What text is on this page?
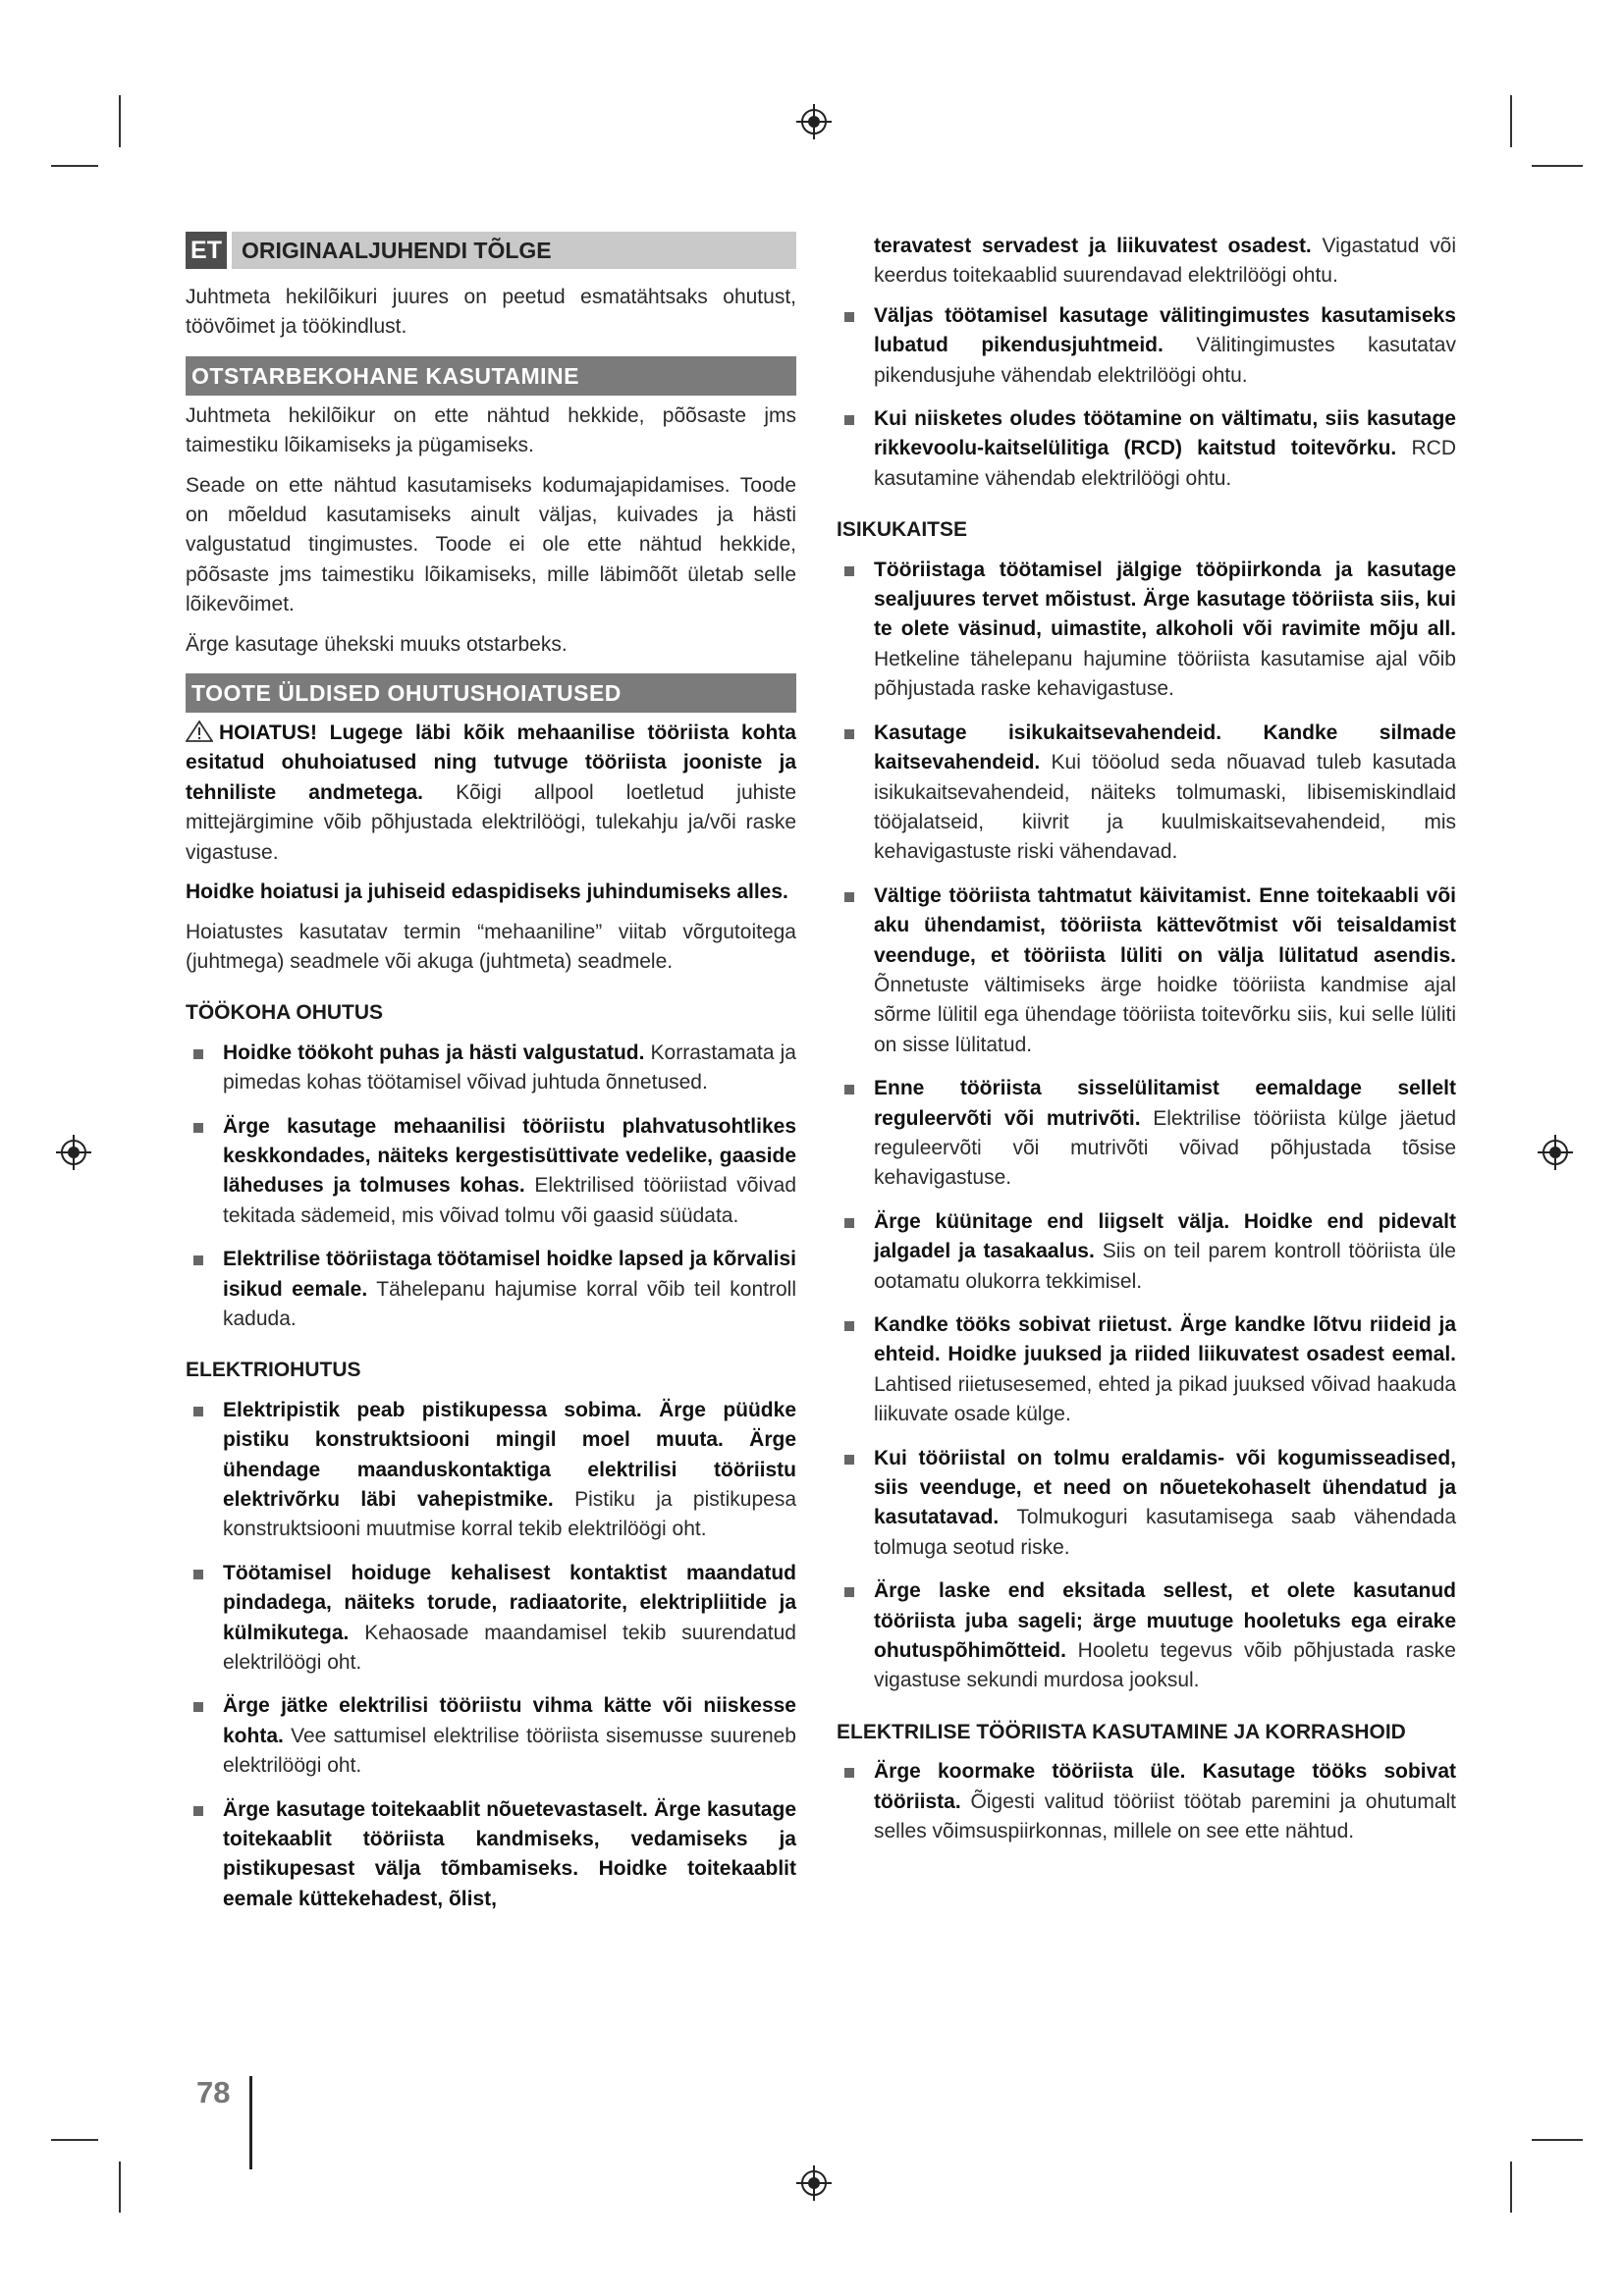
ET ORIGINAALJUHENDI TÕLGE
Juhtmeta hekilõikuri juures on peetud esmatähtsaks ohutust, töövõimet ja töökindlust.
OTSTARBEKOHANE KASUTAMINE
Juhtmeta hekilõikur on ette nähtud hekkide, põõsaste jms taimestiku lõikamiseks ja pügamiseks.
Seade on ette nähtud kasutamiseks kodumajapidamises. Toode on mõeldud kasutamiseks ainult väljas, kuivades ja hästi valgustatud tingimustes. Toode ei ole ette nähtud hekkide, põõsaste jms taimestiku lõikamiseks, mille läbimõõt ületab selle lõikevõimet.
Ärge kasutage ühekski muuks otstarbeks.
TOOTE ÜLDISED OHUTUSHOIATUSED
HOIATUS! Lugege läbi kõik mehaanilise tööriista kohta esitatud ohuhoiatused ning tutvuge tööriista jooniste ja tehniliste andmetega. Kõigi allpool loetletud juhiste mittejärgimine võib põhjustada elektrilöögi, tulekahju ja/või raske vigastuse.
Hoidke hoiatusi ja juhiseid edaspidiseks juhindumiseks alles.
Hoiatustes kasutatav termin “mehaaniline” viitab võrgutoitega (juhtmega) seadmele või akuga (juhtmeta) seadmele.
TÖÖKOHA OHUTUS
Hoidke töökoht puhas ja hästi valgustatud. Korrastamata ja pimedas kohas töötamisel võivad juhtuda õnnetused.
Ärge kasutage mehaanilisi tööriistu plahvatusohtlikes keskkondades, näiteks kergestisüttivate vedelike, gaaside läheduses ja tolmuses kohas. Elektrilised tööriistad võivad tekitada sädemeid, mis võivad tolmu või gaasid süüdata.
Elektrilise tööriistaga töötamisel hoidke lapsed ja kõrvalisi isikud eemale. Tähelepanu hajumise korral võib teil kontroll kaduda.
ELEKTRIOHUTUS
Elektripistik peab pistikupessa sobima. Ärge püüdke pistiku konstruktsiooni mingil moel muuta. Ärge ühendage maanduskontaktiga elektrilisi tööriistu elektrivõrku läbi vahepistmike. Pistiku ja pistikupesa konstruktsiooni muutmise korral tekib elektrilöögi oht.
Töötamisel hoiduge kehalisest kontaktist maandatud pindadega, näiteks torude, radiaatorite, elektripliitide ja külmikutega. Kehaosade maandamisel tekib suurendatud elektrilöögi oht.
Ärge jätke elektrilisi tööriistu vihma kätte või niiskesse kohta. Vee sattumisel elektrilise tööriista sisemusse suureneb elektrilöögi oht.
Ärge kasutage toitekaablit nõuetevastaselt. Ärge kasutage toitekaablit tööriista kandmiseks, vedamiseks ja pistikupesast välja tõmbamiseks. Hoidke toitekaablit eemale küttekehadest, õlist,
teravatest servadest ja liikuvatest osadest. Vigastatud või keerdus toitekaablid suurendavad elektrilöögi ohtu.
Väljas töötamisel kasutage välitingimustes kasutamiseks lubatud pikendusjuhtmeid. Välitingimustes kasutatav pikendusjuhe vähendab elektrilöögi ohtu.
Kui niisketes oludes töötamine on vältimatu, siis kasutage rikkevoolu-kaitselülitiga (RCD) kaitstud toitevõrku. RCD kasutamine vähendab elektrilöögi ohtu.
ISIKUKAITSE
Tööriistaga töötamisel jälgige tööpiirkonda ja kasutage sealjuures tervet mõistust. Ärge kasutage tööriista siis, kui te olete väsinud, uimastite, alkoholi või ravimite mõju all. Hetkeline tähelepanu hajumine tööriista kasutamise ajal võib põhjustada raske kehavigastuse.
Kasutage isikukaitsevahendeid. Kandke silmade kaitsevahendeid. Kui tööolud seda nõuavad tuleb kasutada isikukaitsevahendeid, näiteks tolmumaski, libisemiskindlaid tööjalatseid, kiivrit ja kuulmiskaitsevahendeid, mis kehavigastuste riski vähendavad.
Vältige tööriista tahtmatut käivitamist. Enne toitekaabli või aku ühendamist, tööriista kättevõtmist või teisaldamist veenduge, et tööriista lüliti on välja lülitatud asendis. Õnnetuste vältimiseks ärge hoidke tööriista kandmise ajal sõrme lülitil ega ühendage tööriista toitevõrku siis, kui selle lüliti on sisse lülitatud.
Enne tööriista sisselülitamist eemaldage sellelt reguleervõti või mutrivõti. Elektrilise tööriista külge jäetud reguleervõti või mutrivõti võivad põhjustada tõsise kehavigastuse.
Ärge küünitage end liigselt välja. Hoidke end pidevalt jalgadel ja tasakaalus. Siis on teil parem kontroll tööriista üle ootamatu olukorra tekkimisel.
Kandke tööks sobivat riietust. Ärge kandke lõtvu riideid ja ehteid. Hoidke juuksed ja riided liikuvatest osadest eemal. Lahtised riietusesemed, ehted ja pikad juuksed võivad haakuda liikuvate osade külge.
Kui tööriistal on tolmu eraldamis- või kogumisseadised, siis veenduge, et need on nõuetekohaselt ühendatud ja kasutatavad. Tolmukoguri kasutamisega saab vähendada tolmuga seotud riske.
Ärge laske end eksitada sellest, et olete kasutanud tööriista juba sageli; ärge muutuge hooletuks ega eirake ohutuspõhimõtteid. Hooletu tegevus võib põhjustada raske vigastuse sekundi murdosa jooksul.
ELEKTRILISE TÖÖRIISTA KASUTAMINE JA KORRASHOID
Ärge koormake tööriista üle. Kasutage tööks sobivat tööriista. Õigesti valitud tööriist töötab paremini ja ohutumalt selles võimsuspiirkonnas, millele on see ette nähtud.
78
